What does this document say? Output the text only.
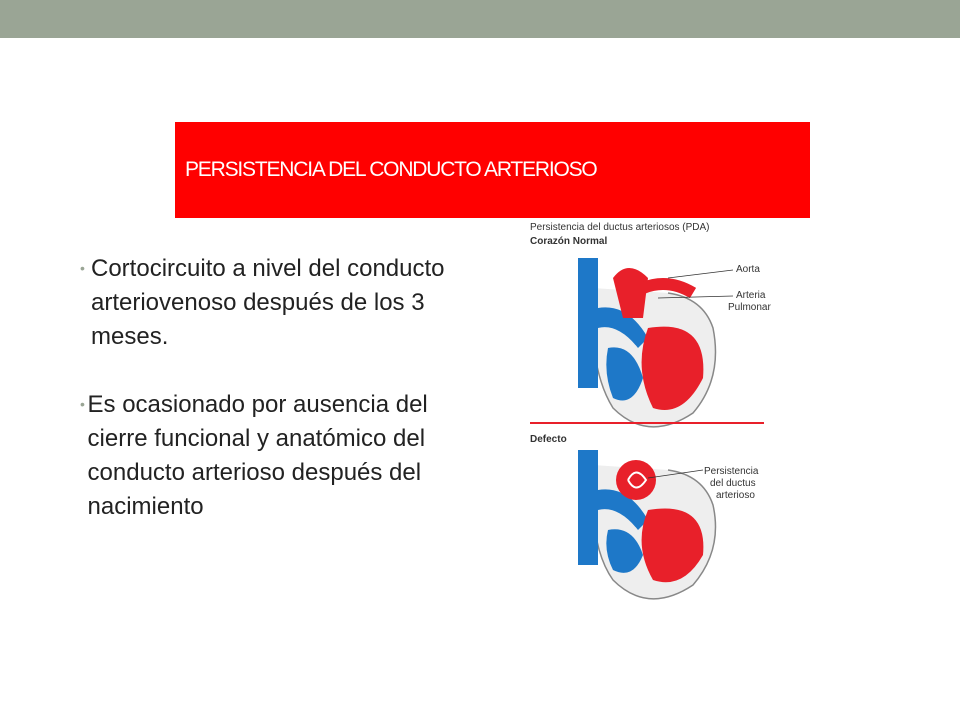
PERSISTENCIA DEL CONDUCTO ARTERIOSO
• Cortocircuito a nivel del conducto arteriovenoso después de los 3 meses.
• Es ocasionado por ausencia del cierre funcional y anatómico del conducto arterioso después del nacimiento
Persistencia del ductus arteriosos (PDA)
Corazón Normal
Aorta
Arteria
Pulmonar
Defecto
Persistencia
del ductus
arterioso
